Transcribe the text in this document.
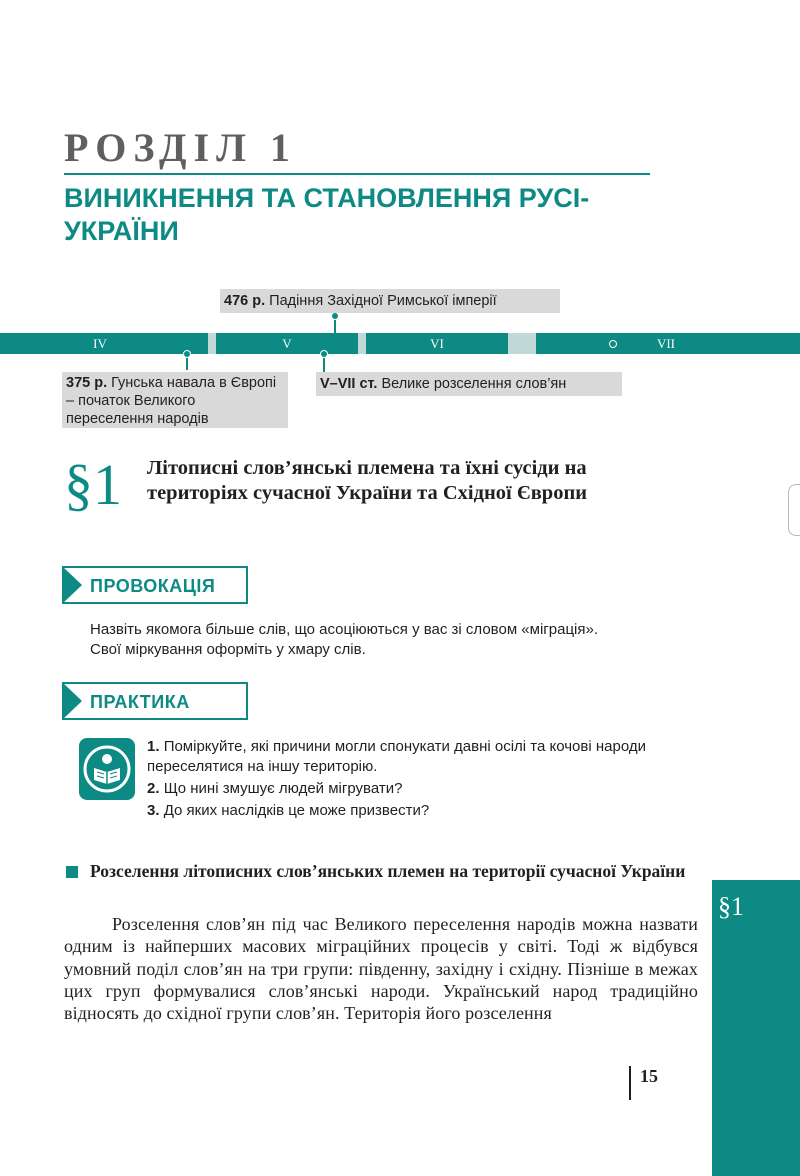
РОЗДІЛ 1
ВИНИКНЕННЯ ТА СТАНОВЛЕННЯ РУСІ-УКРАЇНИ
IV	V	VI	VII
476 р. Падіння Західної Римської імперії
375 р. Гунська навала в Європі – початок Великого переселення народів
V–VII ст. Велике розселення слов’ян
§1 Літописні слов’янські племена та їхні сусіди на територіях сучасної України та Східної Європи
ПРОВОКАЦІЯ
Назвіть якомога більше слів, що асоціюються у вас зі словом «міграція».
Свої міркування оформіть у хмару слів.
ПРАКТИКА
1. Поміркуйте, які причини могли спонукати давні осілі та кочові народи переселятися на іншу територію.
2. Що нині змушує людей мігрувати?
3. До яких наслідків це може призвести?
Розселення літописних слов’янських племен на території сучасної України
Розселення слов’ян під час Великого переселення народів можна назвати одним із найперших масових міграційних процесів у світі. Тоді ж відбувся умовний поділ слов’ян на три групи: південну, західну і східну. Пізніше в межах цих груп формувалися слов’янські народи. Український народ традиційно відносять до східної групи слов’ян. Територія його розселення
§1
15
